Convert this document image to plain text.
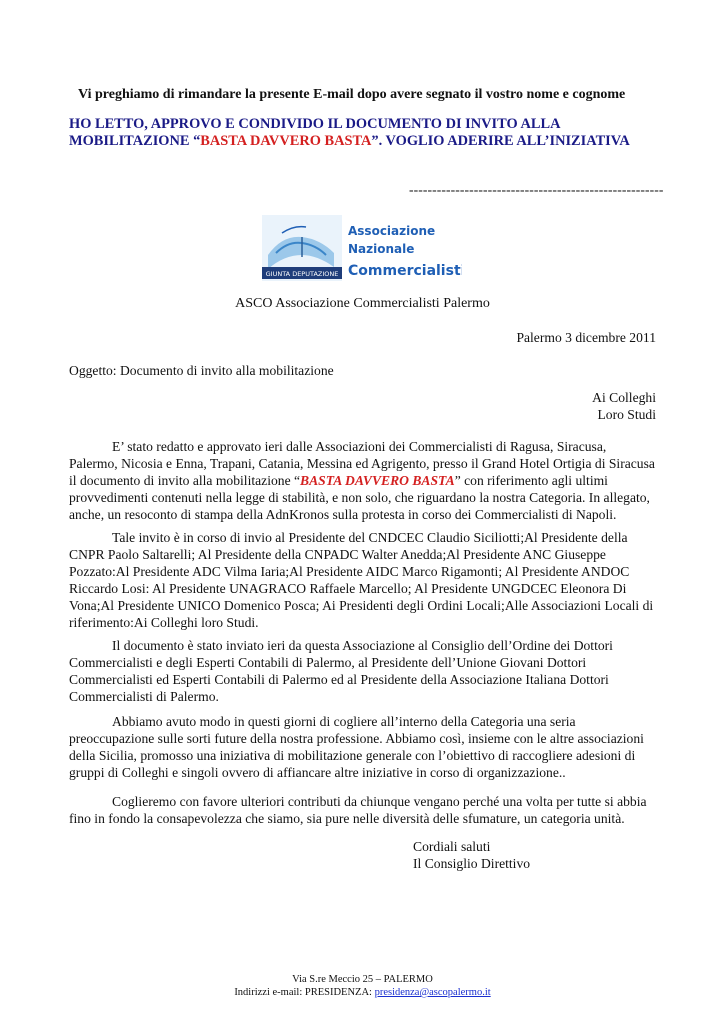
Vi preghiamo di rimandare la presente E-mail dopo avere segnato il vostro nome e cognome
HO LETTO, APPROVO E CONDIVIDO IL DOCUMENTO DI INVITO ALLA
MOBILITAZIONE “BASTA DAVVERO BASTA”. VOGLIO ADERIRE ALL’INIZIATIVA
-------------------------------------------------------
GIUNTA DEPUTAZIONE
Associazione
Nazionale
Commercialisti
ASCO Associazione Commercialisti Palermo
Palermo 3 dicembre 2011
Oggetto: Documento di invito alla mobilitazione
Ai Colleghi
Loro Studi
E’ stato redatto e approvato ieri dalle Associazioni dei Commercialisti di Ragusa, Siracusa, Palermo, Nicosia e Enna, Trapani, Catania, Messina ed Agrigento, presso il Grand Hotel Ortigia di Siracusa il documento di invito alla mobilitazione “BASTA DAVVERO BASTA” con riferimento agli ultimi provvedimenti contenuti nella legge di stabilità, e non solo, che riguardano la nostra Categoria. In allegato, anche, un resoconto di stampa della AdnKronos sulla protesta in corso dei Commercialisti di Napoli.
Tale invito è in corso di invio al Presidente del CNDCEC Claudio Siciliotti;Al Presidente della CNPR Paolo Saltarelli; Al Presidente della CNPADC Walter Anedda;Al Presidente ANC Giuseppe Pozzato:Al Presidente ADC Vilma Iaria;Al Presidente AIDC Marco Rigamonti; Al Presidente ANDOC Riccardo Losi: Al Presidente UNAGRACO Raffaele Marcello; Al Presidente UNGDCEC Eleonora Di Vona;Al Presidente UNICO Domenico Posca; Ai Presidenti degli Ordini Locali;Alle Associazioni Locali di riferimento:Ai Colleghi loro Studi.
Il documento è stato inviato ieri da questa Associazione al Consiglio dell’Ordine dei Dottori Commercialisti e degli Esperti Contabili di Palermo, al Presidente dell’Unione Giovani Dottori Commercialisti ed Esperti Contabili di Palermo ed al Presidente della Associazione Italiana Dottori Commercialisti di Palermo.
Abbiamo avuto modo in questi giorni di cogliere all’interno della Categoria una seria preoccupazione sulle sorti future della nostra professione. Abbiamo così, insieme con le altre associazioni della Sicilia, promosso una iniziativa di mobilitazione generale con l’obiettivo di raccogliere adesioni di gruppi di Colleghi e singoli ovvero di affiancare altre iniziative in corso di organizzazione..
Coglieremo con favore ulteriori contributi da chiunque vengano perché una volta per tutte si abbia fino in fondo la consapevolezza che siamo, sia pure nelle diversità delle sfumature, un categoria unità.
Cordiali saluti
Il Consiglio Direttivo
Via S.re Meccio 25 – PALERMO
Indirizzi e-mail: PRESIDENZA: presidenza@ascopalermo.it
